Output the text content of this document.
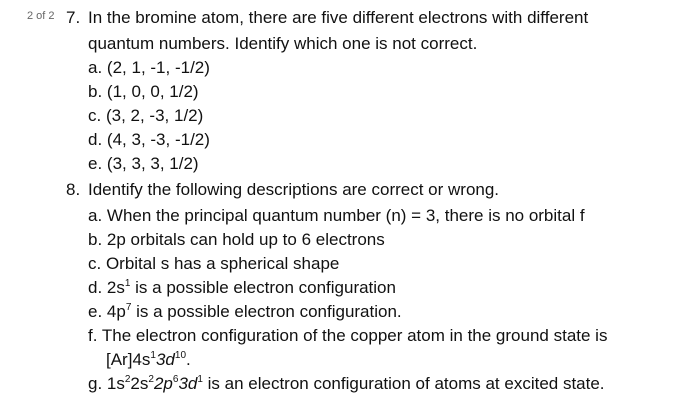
2 of 2 7. In the bromine atom, there are five different electrons with different
quantum numbers. Identify which one is not correct.
a. (2, 1, -1, -1/2)
b. (1, 0, 0, 1/2)
c. (3, 2, -3, 1/2)
d. (4, 3, -3, -1/2)
e. (3, 3, 3, 1/2)
8. Identify the following descriptions are correct or wrong.
a. When the principal quantum number (n) = 3, there is no orbital f
b. 2p orbitals can hold up to 6 electrons
c. Orbital s has a spherical shape
d. $2s^1$ is a possible electron configuration
e. $4p^7$ is a possible electron configuration.
f. The electron configuration of the copper atom in the ground state is
$[Ar]4s^13d^{10}$.
g. $1s^22s^22p^63d^1$ is an electron configuration of atoms at excited state.
